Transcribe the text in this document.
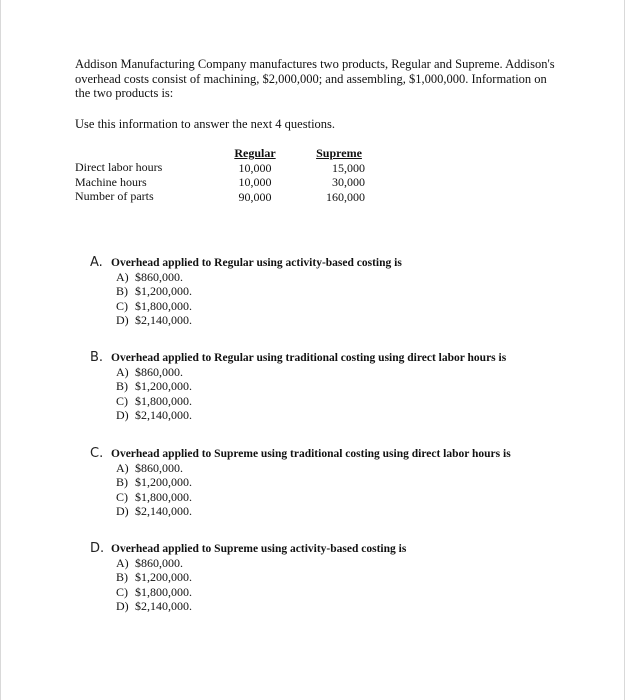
Addison Manufacturing Company manufactures two products, Regular and Supreme. Addison's overhead costs consist of machining, $2,000,000; and assembling, $1,000,000. Information on the two products is:

Use this information to answer the next 4 questions.

Direct labor hours
Machine hours
Number of parts
Regular
10,000
10,000
90,000
Supreme
15,000
30,000
160,000
A. Overhead applied to Regular using activity-based costing is
A) $860,000.
B) $1,200,000.
C) $1,800,000.
D) $2,140,000.
B. Overhead applied to Regular using traditional costing using direct labor hours is
A) $860,000.
B) $1,200,000.
C) $1,800,000.
D) $2,140,000.
C. Overhead applied to Supreme using traditional costing using direct labor hours is
A) $860,000.
B) $1,200,000.
C) $1,800,000.
D) $2,140,000.
D. Overhead applied to Supreme using activity-based costing is
A) $860,000.
B) $1,200,000.
C) $1,800,000.
D) $2,140,000.
